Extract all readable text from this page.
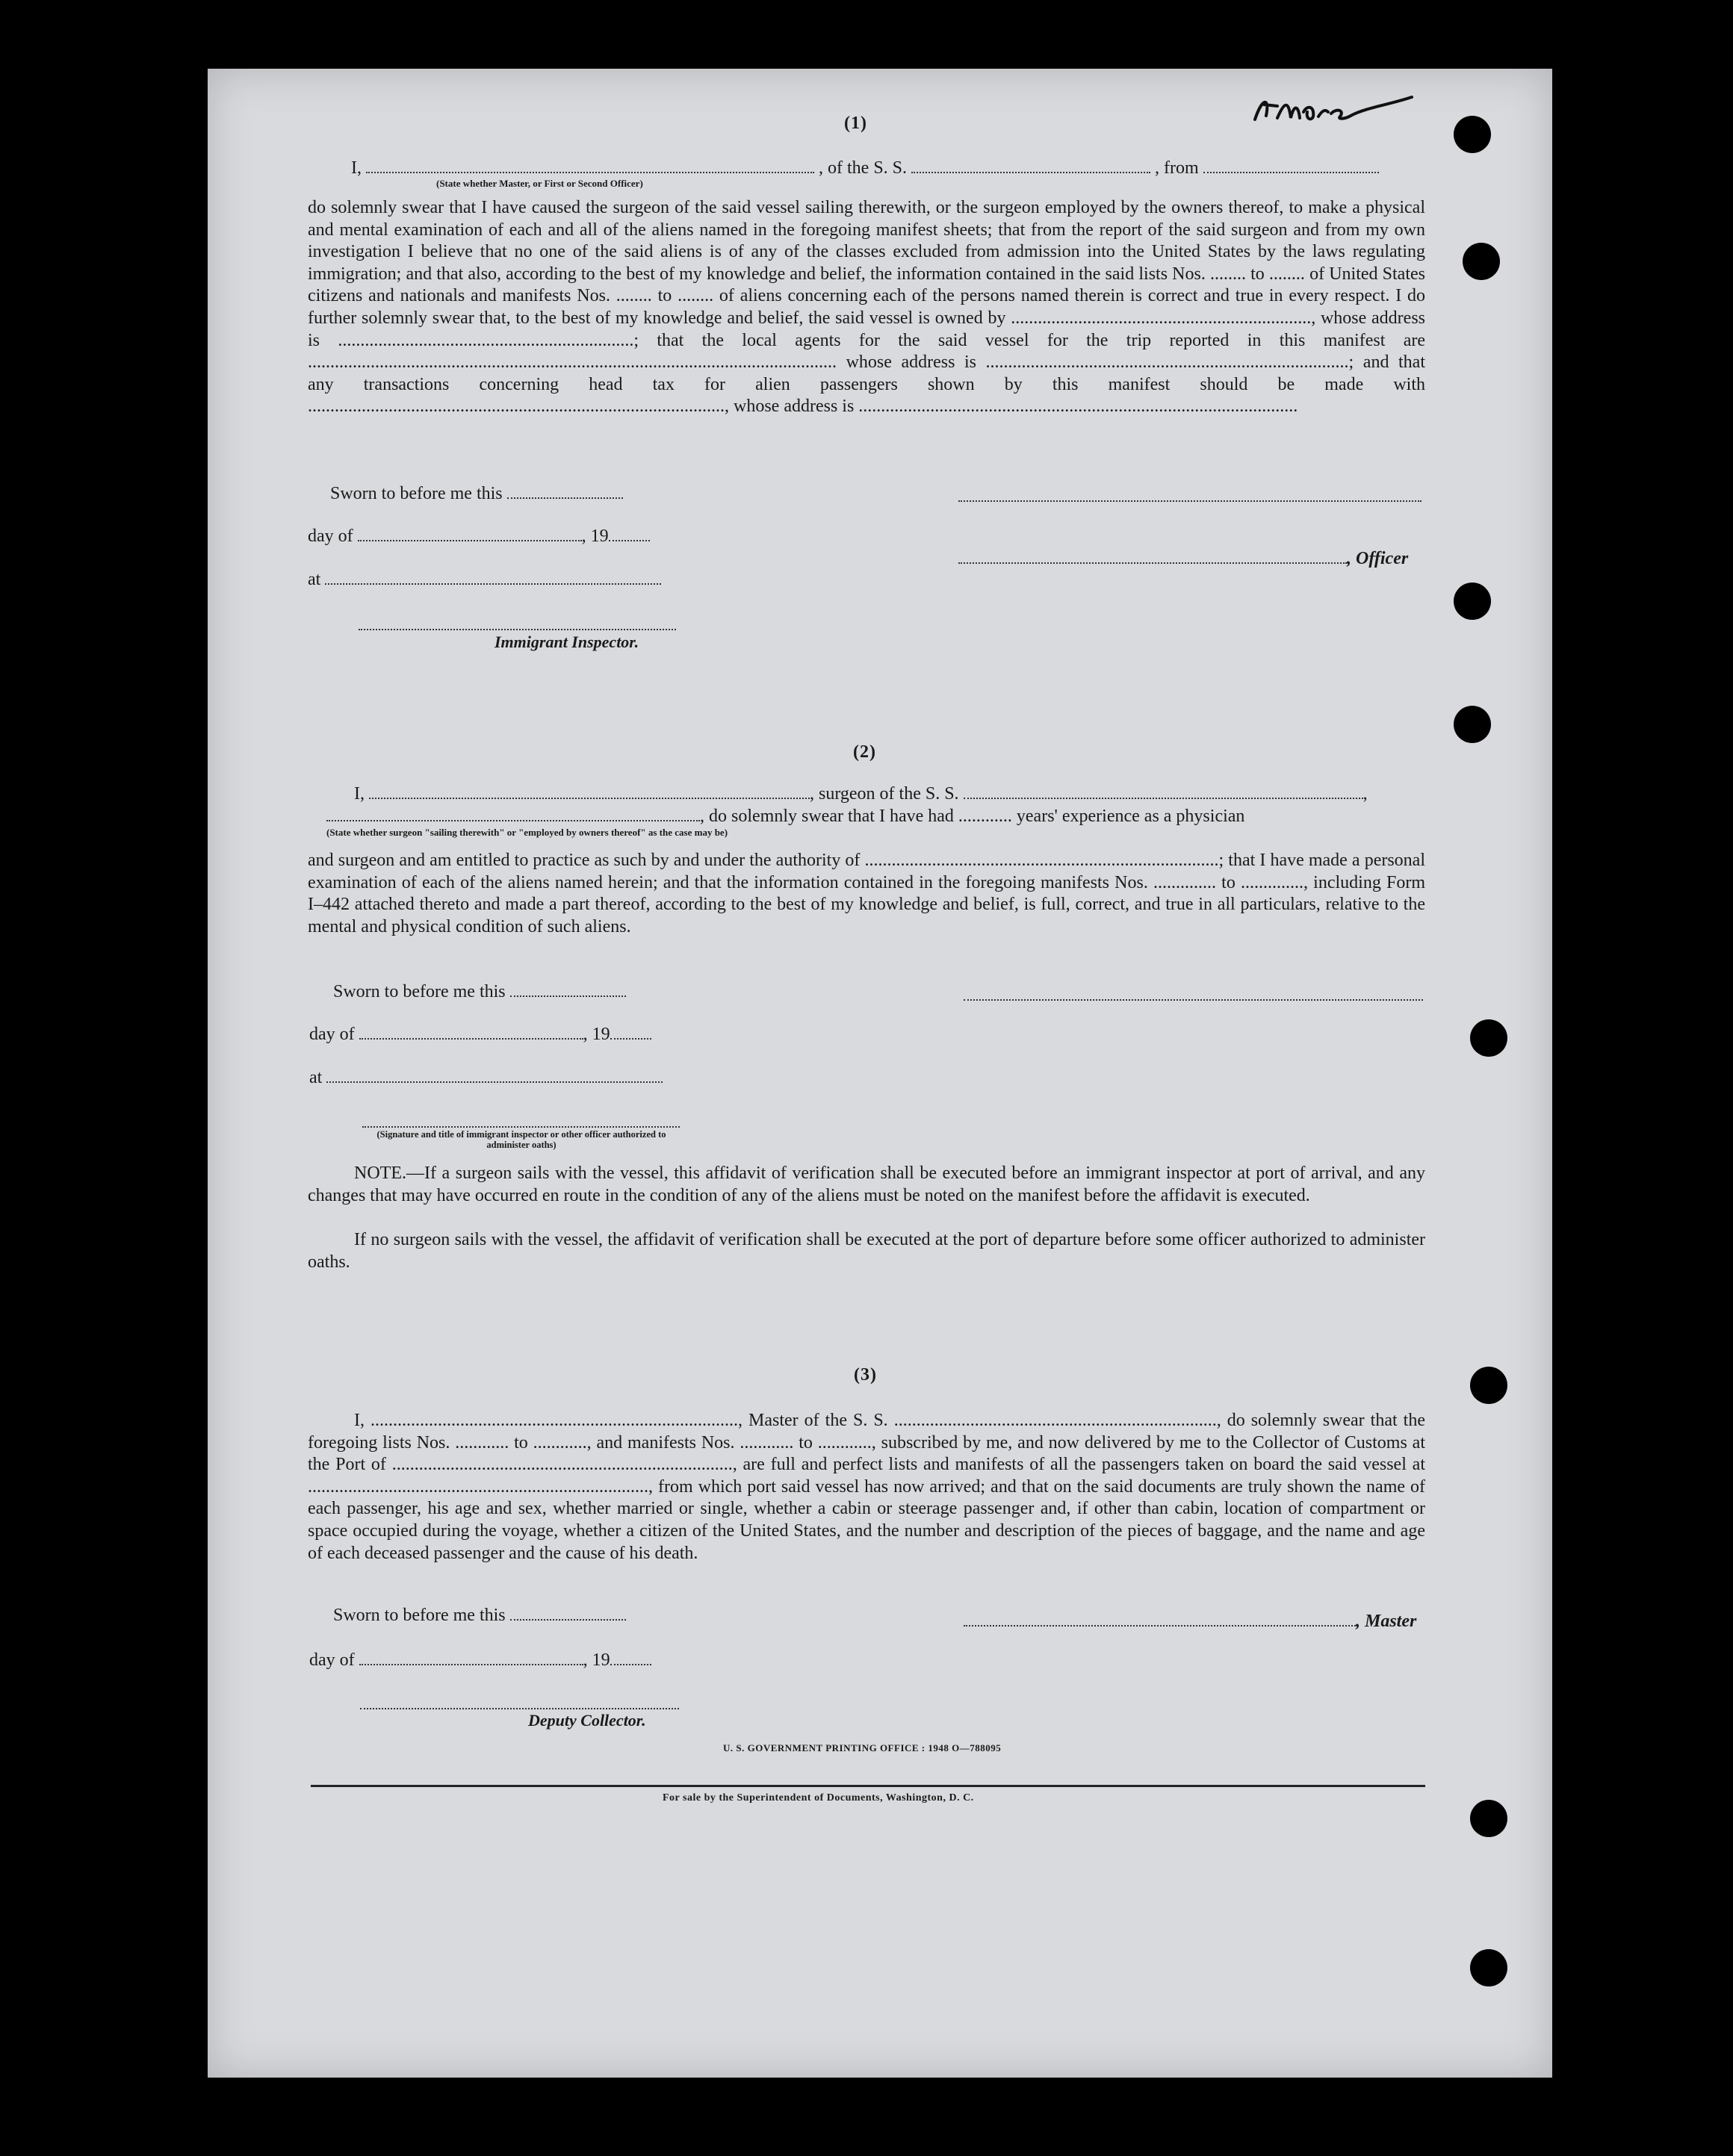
(1)
I,	, of the S. S.	, from
(State whether Master, or First or Second Officer)
do solemnly swear that I have caused the surgeon of the said vessel sailing therewith, or the surgeon employed by the owners thereof, to make a physical and mental examination of each and all of the aliens named in the foregoing manifest sheets; that from the report of the said surgeon and from my own investigation I believe that no one of the said aliens is of any of the classes excluded from admission into the United States by the laws regulating immigration; and that also, according to the best of my knowledge and belief, the information contained in the said lists Nos. ........ to ........ of United States citizens and nationals and manifests Nos. ........ to ........ of aliens concerning each of the persons named therein is correct and true in every respect. I do further solemnly swear that, to the best of my knowledge and belief, the said vessel is owned by ..................................................................., whose address is ..................................................................; that the local agents for the said vessel for the trip reported in this manifest are ...................................................................................................................... whose address is .................................................................................; and that any transactions concerning head tax for alien passengers shown by this manifest should be made with ............................................................................................., whose address is ..................................................................................................
Sworn to before me this
day of	, 19
, Officer
at
Immigrant Inspector.
(2)
I,	, surgeon of the S. S.	,
, do solemnly swear that I have had ............ years' experience as a physician
(State whether surgeon "sailing therewith" or "employed by owners thereof" as the case may be)
and surgeon and am entitled to practice as such by and under the authority of ...............................................................................; that I have made a personal examination of each of the aliens named herein; and that the information contained in the foregoing manifests Nos. .............. to .............., including Form I–442 attached thereto and made a part thereof, according to the best of my knowledge and belief, is full, correct, and true in all particulars, relative to the mental and physical condition of such aliens.
Sworn to before me this
day of	, 19
at
(Signature and title of immigrant inspector or other officer authorized to administer oaths)
NOTE.—If a surgeon sails with the vessel, this affidavit of verification shall be executed before an immigrant inspector at port of arrival, and any changes that may have occurred en route in the condition of any of the aliens must be noted on the manifest before the affidavit is executed.
If no surgeon sails with the vessel, the affidavit of verification shall be executed at the port of departure before some officer authorized to administer oaths.
(3)
I, .................................................................................., Master of the S. S. ........................................................................, do solemnly swear that the foregoing lists Nos. ............ to ............, and manifests Nos. ............ to ............, subscribed by me, and now delivered by me to the Collector of Customs at the Port of ............................................................................, are full and perfect lists and manifests of all the passengers taken on board the said vessel at ............................................................................, from which port said vessel has now arrived; and that on the said documents are truly shown the name of each passenger, his age and sex, whether married or single, whether a cabin or steerage passenger and, if other than cabin, location of compartment or space occupied during the voyage, whether a citizen of the United States, and the number and description of the pieces of baggage, and the name and age of each deceased passenger and the cause of his death.
Sworn to before me this	, Master
day of	, 19
Deputy Collector.
U. S. GOVERNMENT PRINTING OFFICE : 1948 O—788095
For sale by the Superintendent of Documents, Washington, D. C.
